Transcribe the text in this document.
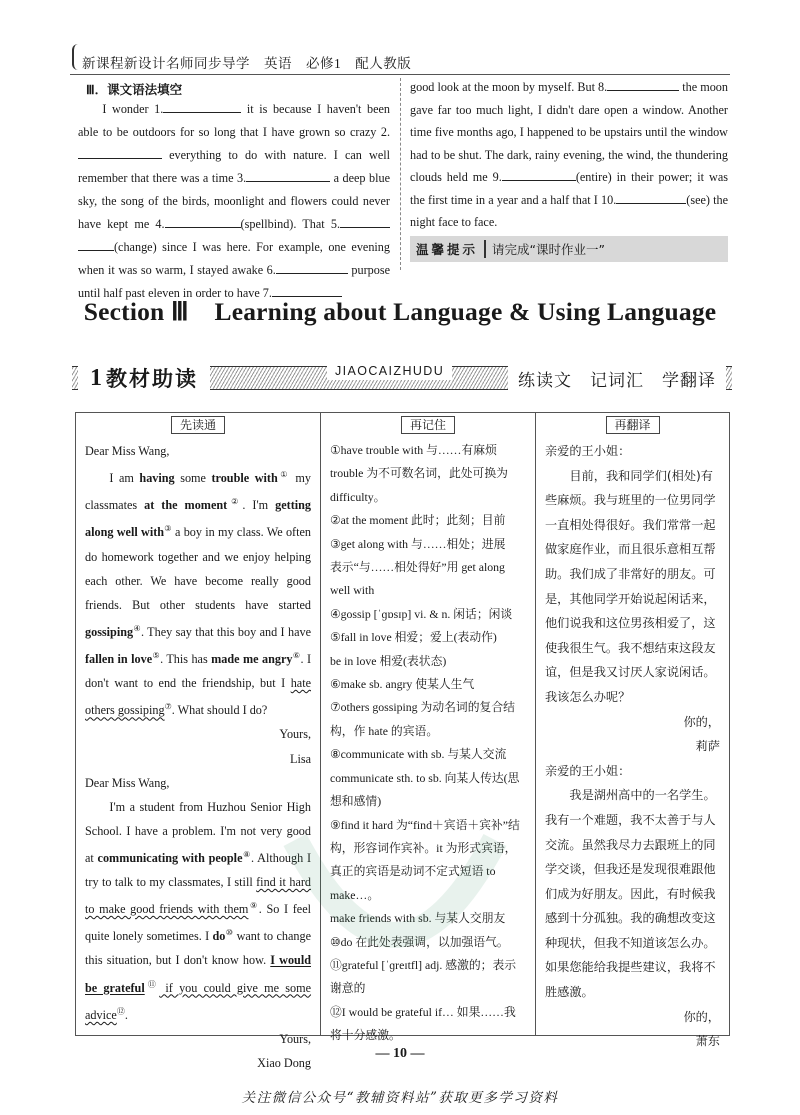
新课程新设计名师同步导学　英语　必修1　配人教版
Ⅲ．课文语法填空
I wonder 1.	it is because I haven't been able to be outdoors for so long that I have grown so crazy 2. everything to do with nature. I can well remember that there was a time 3.	a deep blue sky, the song of the birds, moonlight and flowers could never have kept me 4.	(spellbind). That 5.(change) since I was here. For example, one evening when it was so warm, I stayed awake 6.	purpose until half past eleven in order to have 7.
good look at the moon by myself. But 8.	the moon gave far too much light, I didn't dare open a window. Another time five months ago, I happened to be upstairs until the window had to be shut. The dark, rainy evening, the wind, the thundering clouds held me 9.	(entire) in their power; it was the first time in a year and a half that I 10.	(see) the night face to face.
温馨提示	请完成“课时作业一”
Section Ⅲ　Learning about Language & Using Language
1 教材助读	JIAOCAIZHUDU	练读文　记词汇　学翻译
先读通
Dear Miss Wang,
I am having some trouble with① my classmates at the moment②. I'm getting along well with③ a boy in my class. We often do homework together and we enjoy helping each other. We have become really good friends. But other students have started gossiping④. They say that this boy and I have fallen in love⑤. This has made me angry⑥. I don't want to end the friendship, but I hate others gossiping⑦. What should I do?
Yours,
Lisa
Dear Miss Wang,
I'm a student from Huzhou Senior High School. I have a problem. I'm not very good at communicating with people⑧. Although I try to talk to my classmates, I still find it hard to make good friends with them⑨. So I feel quite lonely sometimes. I do⑩ want to change this situation, but I don't know how. I would be grateful⑪ if you could give me some advice⑫.
Yours,
Xiao Dong
再记住
①have trouble with 与……有麻烦
trouble 为不可数名词，此处可换为 difficulty。
②at the moment 此时；此刻；目前
③get along with 与……相处；进展
表示“与……相处得好”用 get along well with
④gossip [ˈɡɒsɪp] vi. & n. 闲话；闲谈
⑤fall in love 相爱；爱上(表动作)
be in love 相爱(表状态)
⑥make sb. angry 使某人生气
⑦others gossiping 为动名词的复合结构，作 hate 的宾语。
⑧communicate with sb. 与某人交流
communicate sth. to sb. 向某人传达(思想和感情)
⑨find it hard 为“find＋宾语＋宾补”结构，形容词作宾补。it 为形式宾语，真正的宾语是动词不定式短语 to make…。
make friends with sb. 与某人交朋友
⑩do 在此处表强调，以加强语气。
⑪grateful [ˈɡreɪtfl] adj. 感激的；表示谢意的
⑫I would be grateful if… 如果……我将十分感激。
再翻译
亲爱的王小姐：
目前，我和同学们(相处)有些麻烦。我与班里的一位男同学一直相处得很好。我们常常一起做家庭作业，而且很乐意相互帮助。我们成了非常好的朋友。可是，其他同学开始说起闲话来，他们说我和这位男孩相爱了，这使我很生气。我不想结束这段友谊，但是我又讨厌人家说闲话。我该怎么办呢？
你的，
莉萨
亲爱的王小姐：
我是湖州高中的一名学生。我有一个难题，我不太善于与人交流。虽然我尽力去跟班上的同学交谈，但我还是发现很难跟他们成为好朋友。因此，有时候我感到十分孤独。我的确想改变这种现状，但我不知道该怎么办。如果您能给我提些建议，我将不胜感激。
你的，
萧东
— 10 —
关注微信公众号“教辅资料站”获取更多学习资料
